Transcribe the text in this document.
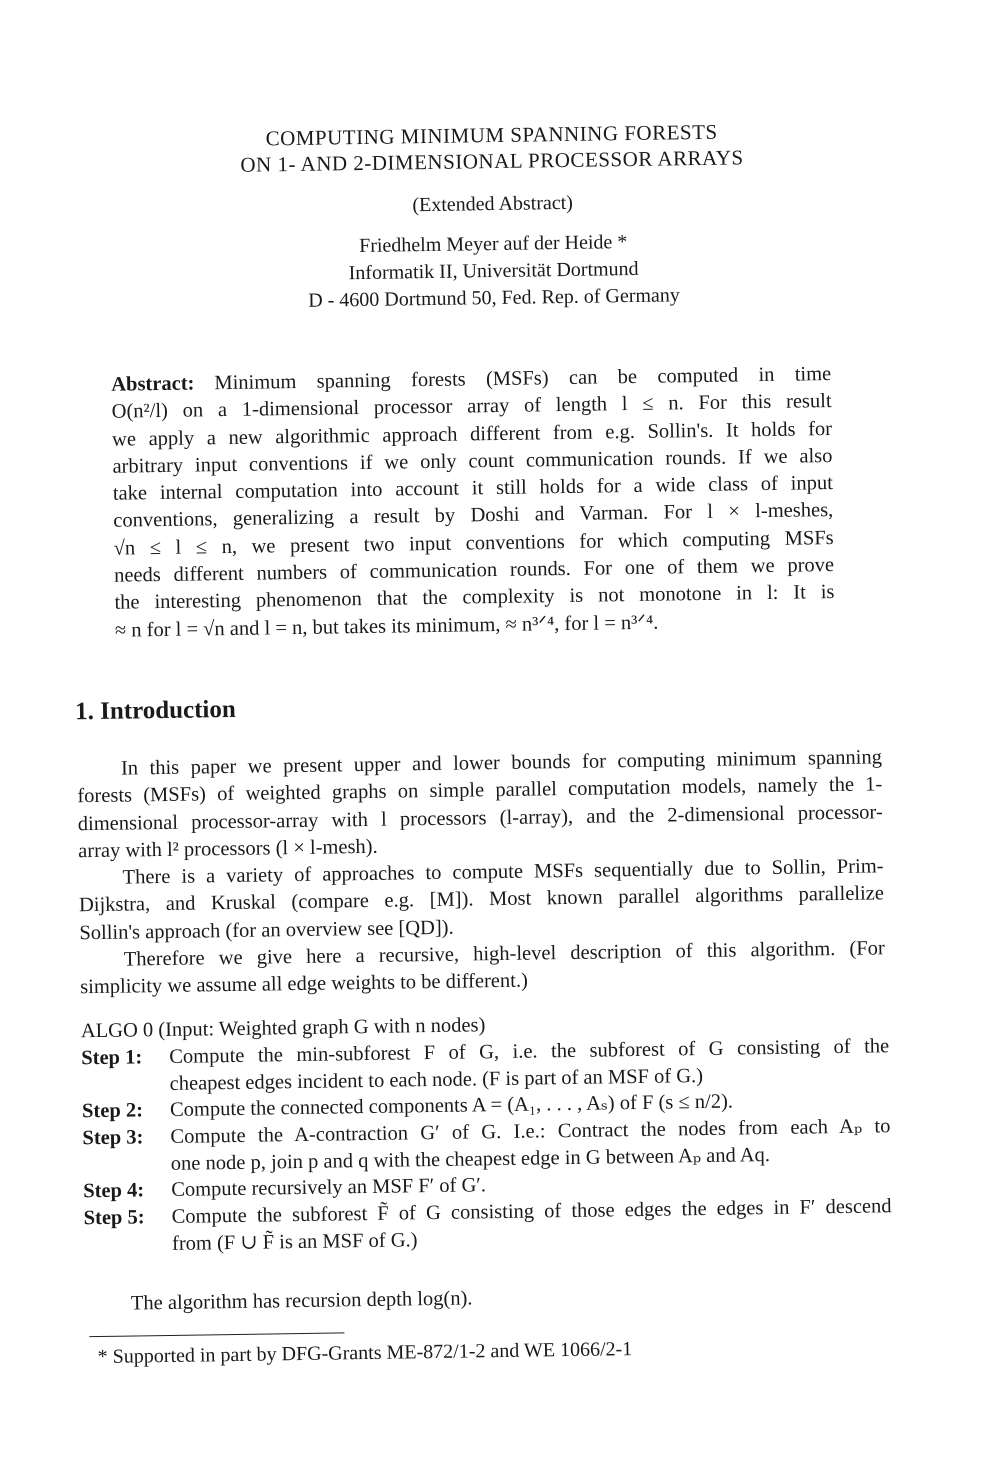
COMPUTING MINIMUM SPANNING FORESTS
ON 1- AND 2-DIMENSIONAL PROCESSOR ARRAYS
(Extended Abstract)
Friedhelm Meyer auf der Heide *
Informatik II, Universität Dortmund
D - 4600 Dortmund 50, Fed. Rep. of Germany
Abstract: Minimum spanning forests (MSFs) can be computed in time
O(n²/l) on a 1-dimensional processor array of length l ≤ n. For this result
we apply a new algorithmic approach different from e.g. Sollin's. It holds for
arbitrary input conventions if we only count communication rounds. If we also
take internal computation into account it still holds for a wide class of input
conventions, generalizing a result by Doshi and Varman. For l × l-meshes,
√n ≤ l ≤ n, we present two input conventions for which computing MSFs
needs different numbers of communication rounds. For one of them we prove
the interesting phenomenon that the complexity is not monotone in l: It is
≈ n for l = √n and l = n, but takes its minimum, ≈ n³ᐟ⁴, for l = n³ᐟ⁴.
1. Introduction
In this paper we present upper and lower bounds for computing minimum spanning
forests (MSFs) of weighted graphs on simple parallel computation models, namely the 1-
dimensional processor-array with l processors (l-array), and the 2-dimensional processor-
array with l² processors (l × l-mesh).
There is a variety of approaches to compute MSFs sequentially due to Sollin, Prim-
Dijkstra, and Kruskal (compare e.g. [M]). Most known parallel algorithms parallelize
Sollin's approach (for an overview see [QD]).
Therefore we give here a recursive, high-level description of this algorithm. (For
simplicity we assume all edge weights to be different.)
ALGO 0 (Input: Weighted graph G with n nodes)
Step 1:	Compute the min-subforest F of G, i.e. the subforest of G consisting of the
cheapest edges incident to each node. (F is part of an MSF of G.)
Step 2:	Compute the connected components A = (A₁, . . . , Aₛ) of F (s ≤ n/2).
Step 3:	Compute the A-contraction G′ of G. I.e.: Contract the nodes from each Aₚ to
one node p, join p and q with the cheapest edge in G between Aₚ and Aq.
Step 4:	Compute recursively an MSF F′ of G′.
Step 5:	Compute the subforest F̃ of G consisting of those edges the edges in F′ descend
from (F ∪ F̃ is an MSF of G.)
The algorithm has recursion depth log(n).
* Supported in part by DFG-Grants ME-872/1-2 and WE 1066/2-1
